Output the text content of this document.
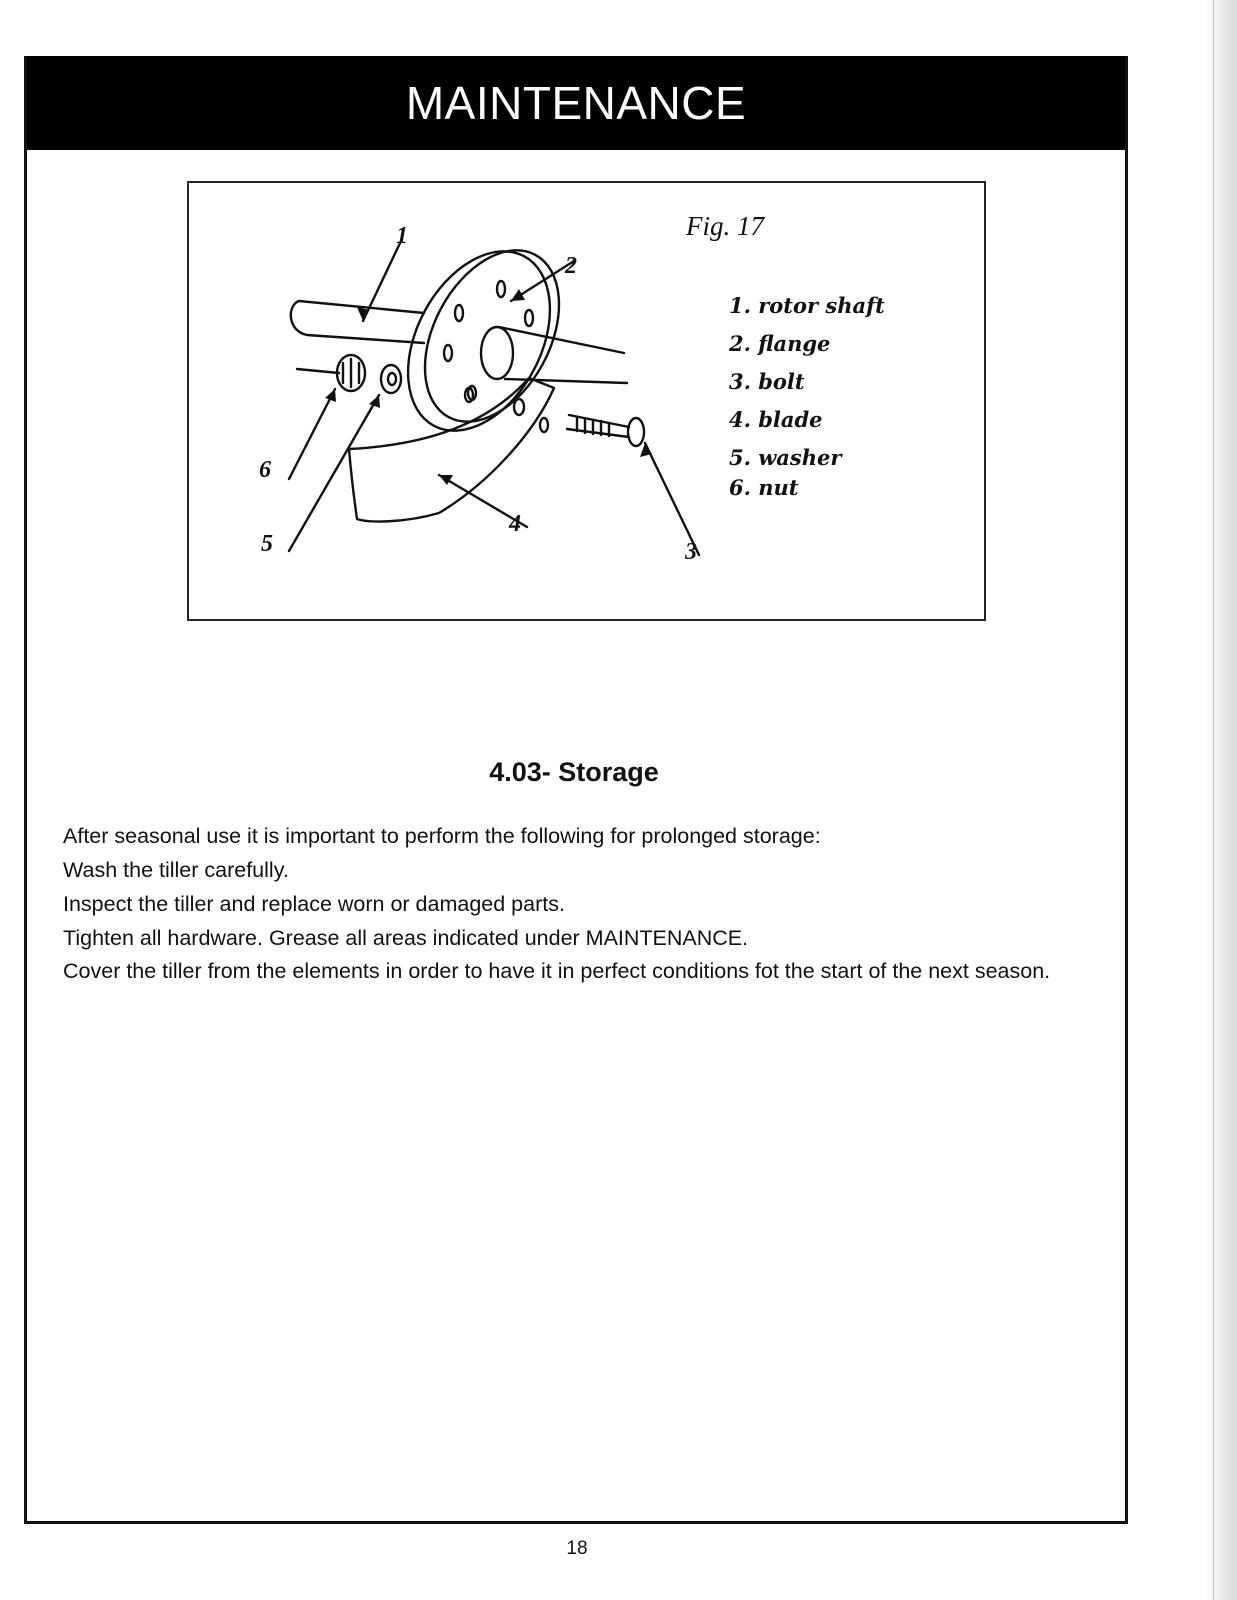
MAINTENANCE
Fig. 17
1
2
3
4
5
6
1. rotor shaft
2. flange
3. bolt
4. blade
5. washer
6. nut
4.03- Storage

After seasonal use it is important to perform the following for prolonged storage:

Wash the tiller carefully.

Inspect the tiller and replace worn or damaged parts.

Tighten all hardware. Grease all areas indicated under MAINTENANCE.

Cover the tiller from the elements in order to have it in perfect conditions fot the start of the next season.

18
